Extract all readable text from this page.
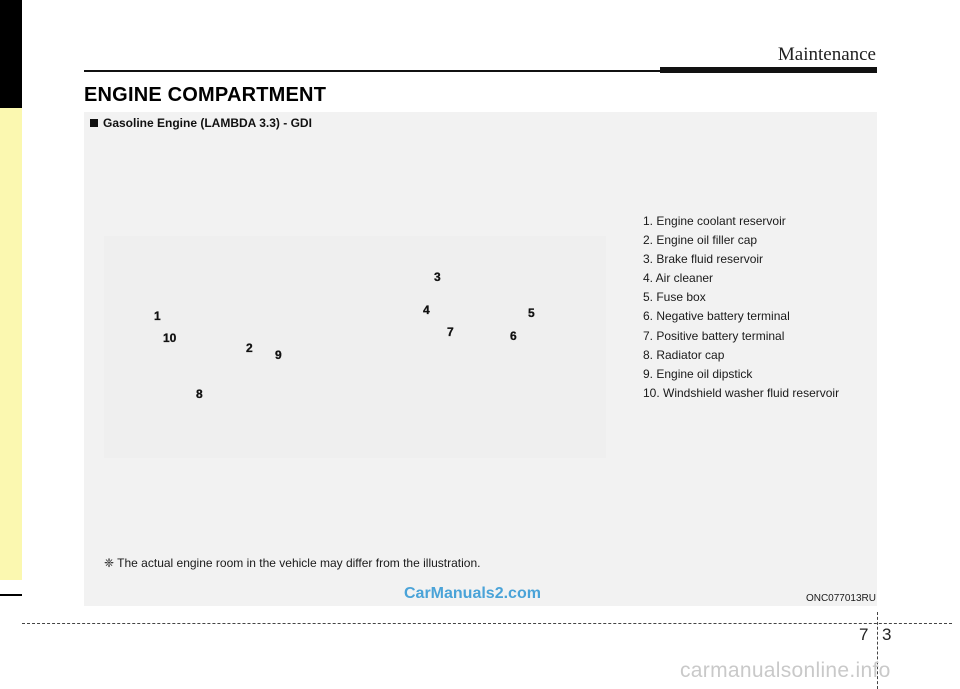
Maintenance
ENGINE COMPARTMENT
Gasoline Engine (LAMBDA 3.3) - GDI
1
2
3
4	5
6
7
8
9
10
1. Engine coolant reservoir
2. Engine oil filler cap
3. Brake fluid reservoir
4. Air cleaner
5. Fuse box
6. Negative battery terminal
7. Positive battery terminal
8. Radiator cap
9. Engine oil dipstick
10. Windshield washer fluid reservoir
❈ The actual engine room in the vehicle may differ from the illustration.
ONC077013RU
CarManuals2.com
7 3
carmanualsonline.info
